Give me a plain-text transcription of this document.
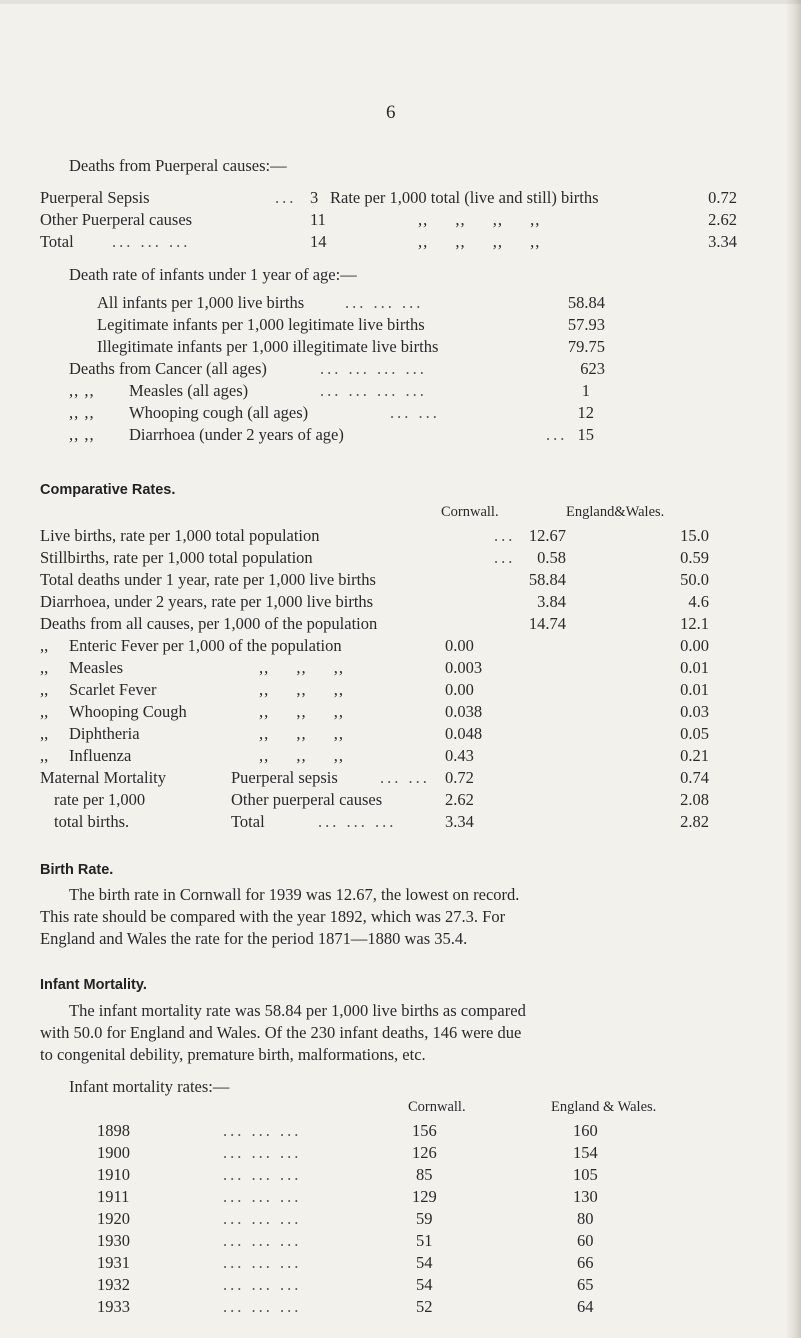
6
Deaths from Puerperal causes:—
Puerperal Sepsis	... 3 Rate per 1,000 total (live and still) births	0.72
Other Puerperal causes	11	,, ,, ,, ,,	2.62
Total ... ... ...	14	,, ,, ,, ,,	3.34
Death rate of infants under 1 year of age:—
All infants per 1,000 live births ... ... ...	58.84
Legitimate infants per 1,000 legitimate live births	57.93
Illegitimate infants per 1,000 illegitimate live births	79.75
Deaths from Cancer (all ages)	... ... ... ...	623
,, ,, Measles (all ages)	... ... ... ...	1
,, ,, Whooping cough (all ages)	... ...	12
,, ,, Diarrhoea (under 2 years of age)	... 15
Comparative Rates.
Cornwall.	England&Wales.
Live births, rate per 1,000 total population	... 12.67	15.0
Stillbirths, rate per 1,000 total population	... 0.58	0.59
Total deaths under 1 year, rate per 1,000 live births	58.84	50.0
Diarrhoea, under 2 years, rate per 1,000 live births	3.84	4.6
Deaths from all causes, per 1,000 of the population	14.74	12.1
,, Enteric Fever per 1,000 of the population	0.00	0.00
,, Measles	,, ,, ,,	0.003	0.01
,, Scarlet Fever	,, ,, ,,	0.00	0.01
,, Whooping Cough	,, ,, ,,	0.038	0.03
,, Diphtheria	,, ,, ,,	0.048	0.05
,, Influenza	,, ,, ,,	0.43	0.21
Maternal Mortality
rate per 1,000
total births.
Puerperal sepsis	... ... 0.72	0.74
Other puerperal causes	2.62	2.08
Total	... ... ...	3.34	2.82
Birth Rate.
The birth rate in Cornwall for 1939 was 12.67, the lowest on record.
This rate should be compared with the year 1892, which was 27.3. For
England and Wales the rate for the period 1871—1880 was 35.4.
Infant Mortality.
The infant mortality rate was 58.84 per 1,000 live births as compared
with 50.0 for England and Wales. Of the 230 infant deaths, 146 were due
to congenital debility, premature birth, malformations, etc.
Infant mortality rates:—
Cornwall.	England & Wales.
1898	... ... ...	156	160
1900	... ... ...	126	154
1910	... ... ...	85	105
1911	... ... ...	129	130
1920	... ... ...	59	80
1930	... ... ...	51	60
1931	... ... ...	54	66
1932	... ... ...	54	65
1933	... ... ...	52	64
